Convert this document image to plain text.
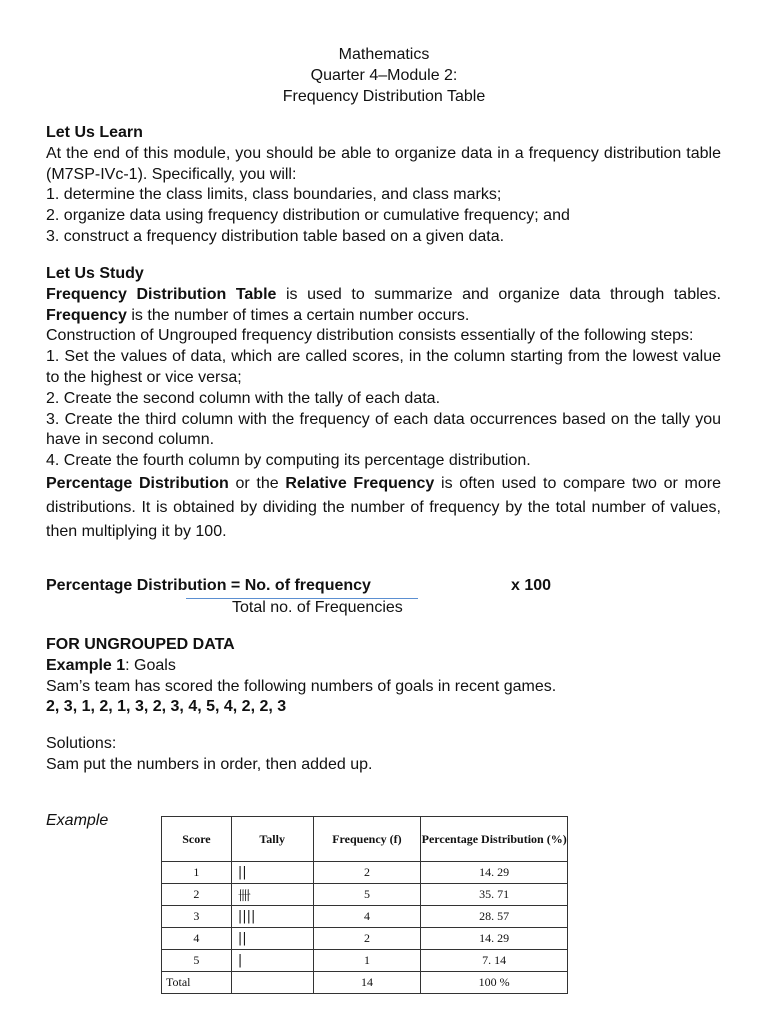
Mathematics
Quarter 4–Module 2:
Frequency Distribution Table
Let Us Learn
At the end of this module, you should be able to organize data in a frequency distribution table (M7SP-IVc-1). Specifically, you will:
1. determine the class limits, class boundaries, and class marks;
2. organize data using frequency distribution or cumulative frequency; and
3. construct a frequency distribution table based on a given data.
Let Us Study
Frequency Distribution Table is used to summarize and organize data through tables. Frequency is the number of times a certain number occurs.
Construction of Ungrouped frequency distribution consists essentially of the following steps:
1. Set the values of data, which are called scores, in the column starting from the lowest value to the highest or vice versa;
2. Create the second column with the tally of each data.
3. Create the third column with the frequency of each data occurrences based on the tally you have in second column.
4. Create the fourth column by computing its percentage distribution.
Percentage Distribution or the Relative Frequency is often used to compare two or more distributions. It is obtained by dividing the number of frequency by the total number of values, then multiplying it by 100.
Percentage Distribution = No. of frequency	x 100
Total no. of Frequencies
FOR UNGROUPED DATA
Example 1: Goals
Sam’s team has scored the following numbers of goals in recent games.
2, 3, 1, 2, 1, 3, 2, 3, 4, 5, 4, 2, 2, 3
Solutions:
Sam put the numbers in order, then added up.
Example
Score	Tally	Frequency (f)	Percentage Distribution (%)
1	||	2	14. 29
2	卌	5	35. 71
3	||||	4	28. 57
4	||	2	14. 29
5	|	1	7. 14
Total		14	100 %
